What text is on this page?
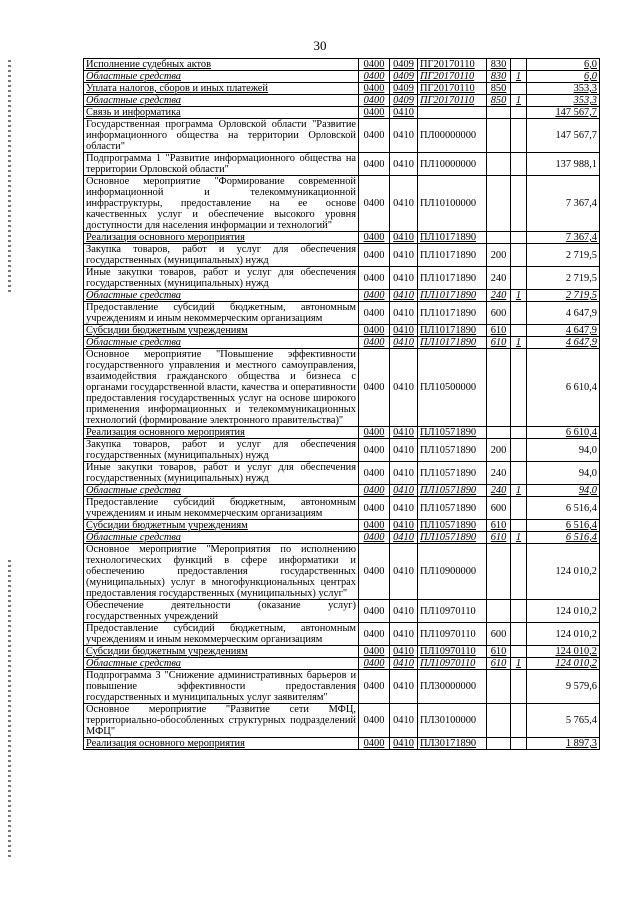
30
Исполнение судебных актов	0400	0409	ПГ20170110	830		6,0
Областные средства	0400	0409	ПГ20170110	830	1	6,0
Уплата налогов, сборов и иных платежей	0400	0409	ПГ20170110	850		353,3
Областные средства	0400	0409	ПГ20170110	850	1	353,3
Связь и информатика	0400	0410				147 567,7
Государственная программа Орловской области "Развитие информационного общества на территории Орловской области"	0400	0410	ПЛ00000000			147 567,7
Подпрограмма 1 "Развитие информационного общества на территории Орловской области"	0400	0410	ПЛ10000000			137 988,1
Основное мероприятие "Формирование современной информационной и телекоммуникационной инфраструктуры, предоставление на ее основе качественных услуг и обеспечение высокого уровня доступности для населения информации и технологий"	0400	0410	ПЛ10100000			7 367,4
Реализация основного мероприятия	0400	0410	ПЛ10171890			7 367,4
Закупка товаров, работ и услуг для обеспечения государственных (муниципальных) нужд	0400	0410	ПЛ10171890	200		2 719,5
Иные закупки товаров, работ и услуг для обеспечения государственных (муниципальных) нужд	0400	0410	ПЛ10171890	240		2 719,5
Областные средства	0400	0410	ПЛ10171890	240	1	2 719,5
Предоставление субсидий бюджетным, автономным учреждениям и иным некоммерческим организациям	0400	0410	ПЛ10171890	600		4 647,9
Субсидии бюджетным учреждениям	0400	0410	ПЛ10171890	610		4 647,9
Областные средства	0400	0410	ПЛ10171890	610	1	4 647,9
Основное мероприятие "Повышение эффективности государственного управления и местного самоуправления, взаимодействия гражданского общества и бизнеса с органами государственной власти, качества и оперативности предоставления государственных услуг на основе широкого применения информационных и телекоммуникационных технологий (формирование электронного правительства)"	0400	0410	ПЛ10500000			6 610,4
Реализация основного мероприятия	0400	0410	ПЛ10571890			6 610,4
Закупка товаров, работ и услуг для обеспечения государственных (муниципальных) нужд	0400	0410	ПЛ10571890	200		94,0
Иные закупки товаров, работ и услуг для обеспечения государственных (муниципальных) нужд	0400	0410	ПЛ10571890	240		94,0
Областные средства	0400	0410	ПЛ10571890	240	1	94,0
Предоставление субсидий бюджетным, автономным учреждениям и иным некоммерческим организациям	0400	0410	ПЛ10571890	600		6 516,4
Субсидии бюджетным учреждениям	0400	0410	ПЛ10571890	610		6 516,4
Областные средства	0400	0410	ПЛ10571890	610	1	6 516,4
Основное мероприятие "Мероприятия по исполнению технологических функций в сфере информатики и обеспечению предоставления государственных (муниципальных) услуг в многофункциональных центрах предоставления государственных (муниципальных) услуг"	0400	0410	ПЛ10900000			124 010,2
Обеспечение деятельности (оказание услуг) государственных учреждений	0400	0410	ПЛ10970110			124 010,2
Предоставление субсидий бюджетным, автономным учреждениям и иным некоммерческим организациям	0400	0410	ПЛ10970110	600		124 010,2
Субсидии бюджетным учреждениям	0400	0410	ПЛ10970110	610		124 010,2
Областные средства	0400	0410	ПЛ10970110	610	1	124 010,2
Подпрограмма 3 "Снижение административных барьеров и повышение эффективности предоставления государственных и муниципальных услуг заявителям"	0400	0410	ПЛ30000000			9 579,6
Основное мероприятие "Развитие сети МФЦ, территориально-обособленных структурных подразделений МФЦ"	0400	0410	ПЛ30100000			5 765,4
Реализация основного мероприятия	0400	0410	ПЛ30171890			1 897,3
